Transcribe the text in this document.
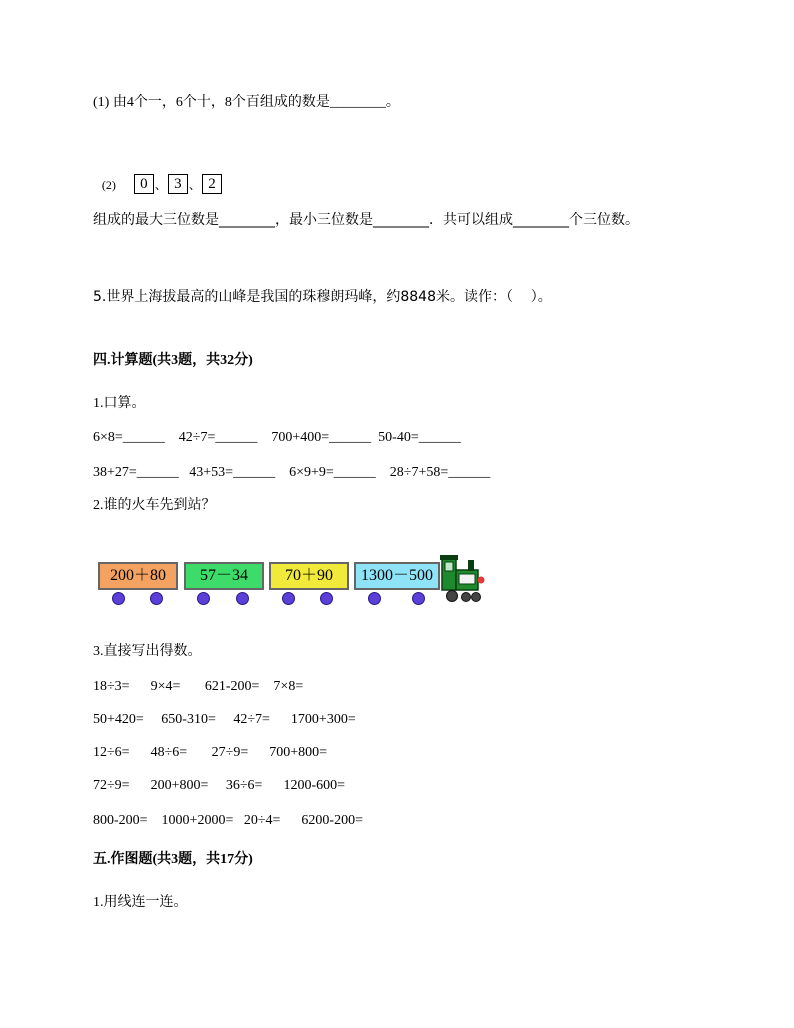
(1) 由4个一，6个十，8个百组成的数是________。

(2) 0 、 3 、 2

组成的最大三位数是________，最小三位数是________．共可以组成________个三位数。
5.世界上海拔最高的山峰是我国的珠穆朗玛峰，约8848米。读作：（    ）。
四.计算题(共3题，共32分)
1.口算。
6×8=______    42÷7=______    700+400=______  50-40=______
38+27=______   43+53=______    6×9+9=______    28÷7+58=______
2.谁的火车先到站？
200＋80	57－34	70＋90	1300－500
3.直接写出得数。
18÷3=      9×4=       621-200=    7×8=
50+420=     650-310=     42÷7=      1700+300=
12÷6=      48÷6=       27÷9=      700+800=
72÷9=      200+800=     36÷6=      1200-600=
800-200=    1000+2000=   20÷4=      6200-200=
五.作图题(共3题，共17分)
1.用线连一连。
